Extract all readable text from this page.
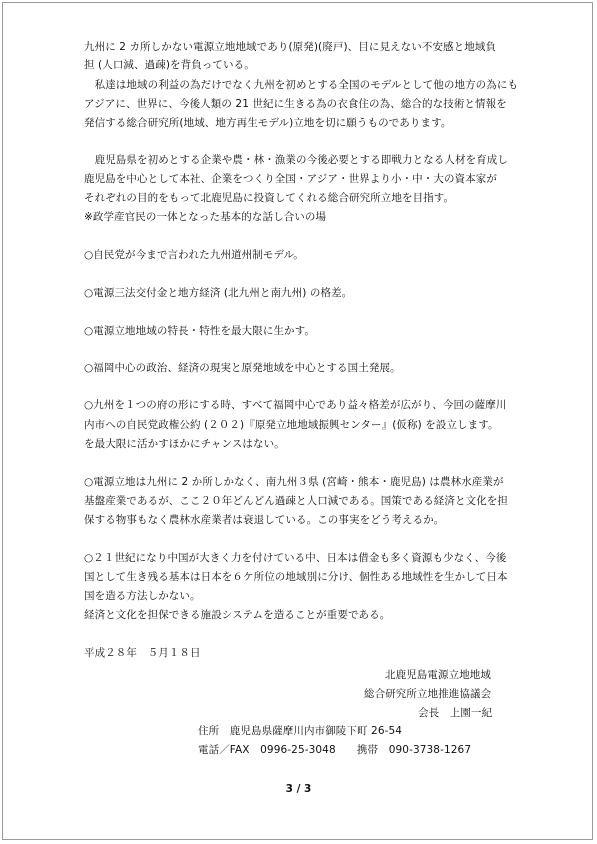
九州に 2 カ所しかない電源立地地域であり(原発)(廃戸)、目に見えない不安感と地域負
担 (人口減、過疎)を背負っている。
　私達は地域の利益の為だけでなく九州を初めとする全国のモデルとして他の地方の為にも
アジアに、世界に、今後人類の 21 世紀に生きる為の衣食住の為、総合的な技術と情報を
発信する総合研究所(地域、地方再生モデル)立地を切に願うものであります。
　鹿児島県を初めとする企業や農・林・漁業の今後必要とする即戦力となる人材を育成し
鹿児島を中心として本社、企業をつくり全国・アジア・世界より小・中・大の資本家が
それぞれの目的をもって北鹿児島に投資してくれる総合研究所立地を目指す。
※政学産官民の一体となった基本的な話し合いの場
○自民党が今まで言われた九州道州制モデル。
○電源三法交付金と地方経済 (北九州と南九州) の格差。
○電源立地地域の特長・特性を最大限に生かす。
○福岡中心の政治、経済の現実と原発地域を中心とする国土発展。
○九州を１つの府の形にする時、すべて福岡中心であり益々格差が広がり、今回の薩摩川
内市への自民党政権公約 (２０２)『原発立地地域振興センター』(仮称) を設立します。
を最大限に活かすほかにチャンスはない。
○電源立地は九州に 2 か所しかなく、南九州３県 (宮崎・熊本・鹿児島) は農林水産業が
基盤産業であるが、ここ２０年どんどん過疎と人口減である。国策である経済と文化を担
保する物事もなく農林水産業者は衰退している。この事実をどう考えるか。
○２１世紀になり中国が大きく力を付けている中、日本は借金も多く資源も少なく、今後
国として生き残る基本は日本を６ケ所位の地域別に分け、個性ある地域性を生かして日本
国を造る方法しかない。
経済と文化を担保できる施設システムを造ることが重要である。
平成２８年　５月１８日
北鹿児島電源立地地域
総合研究所立地推進協議会
会長　上園一紀
住所　鹿児島県薩摩川内市御陵下町 26-54
電話／FAX　0996-25-3048　　携帯　090-3738-1267
3 / 3
